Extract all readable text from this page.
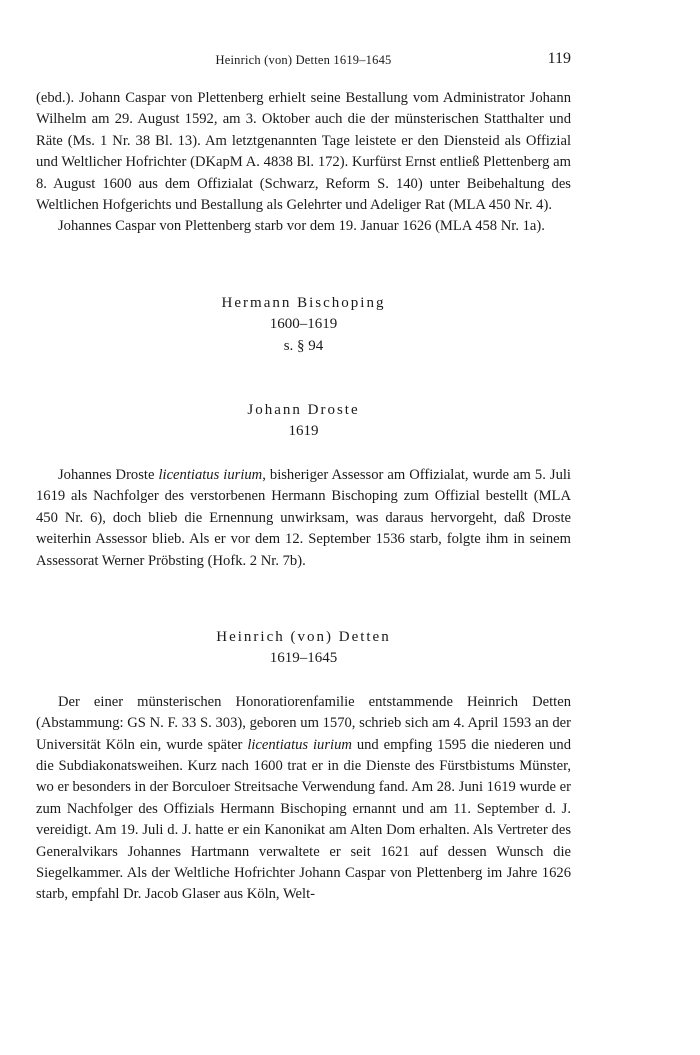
Heinrich (von) Detten 1619–1645	119

(ebd.). Johann Caspar von Plettenberg erhielt seine Bestallung vom Administrator Johann Wilhelm am 29. August 1592, am 3. Oktober auch die der münsterischen Statthalter und Räte (Ms. 1 Nr. 38 Bl. 13). Am letztgenannten Tage leistete er den Diensteid als Offizial und Weltlicher Hofrichter (DKapM A. 4838 Bl. 172). Kurfürst Ernst entließ Plettenberg am 8. August 1600 aus dem Offizialat (Schwarz, Reform S. 140) unter Beibehaltung des Weltlichen Hofgerichts und Bestallung als Gelehrter und Adeliger Rat (MLA 450 Nr. 4).

Johannes Caspar von Plettenberg starb vor dem 19. Januar 1626 (MLA 458 Nr. 1a).

Hermann Bischoping
1600–1619
s. § 94
Johann Droste
1619

Johannes Droste licentiatus iurium, bisheriger Assessor am Offizialat, wurde am 5. Juli 1619 als Nachfolger des verstorbenen Hermann Bischoping zum Offizial bestellt (MLA 450 Nr. 6), doch blieb die Ernennung unwirksam, was daraus hervorgeht, daß Droste weiterhin Assessor blieb. Als er vor dem 12. September 1536 starb, folgte ihm in seinem Assessorat Werner Pröbsting (Hofk. 2 Nr. 7b).

Heinrich (von) Detten
1619–1645

Der einer münsterischen Honoratiorenfamilie entstammende Heinrich Detten (Abstammung: GS N. F. 33 S. 303), geboren um 1570, schrieb sich am 4. April 1593 an der Universität Köln ein, wurde später licentiatus iurium und empfing 1595 die niederen und die Subdiakonatsweihen. Kurz nach 1600 trat er in die Dienste des Fürstbistums Münster, wo er besonders in der Borculoer Streitsache Verwendung fand. Am 28. Juni 1619 wurde er zum Nachfolger des Offizials Hermann Bischoping ernannt und am 11. September d. J. vereidigt. Am 19. Juli d. J. hatte er ein Kanonikat am Alten Dom erhalten. Als Vertreter des Generalvikars Johannes Hartmann verwaltete er seit 1621 auf dessen Wunsch die Siegelkammer. Als der Weltliche Hofrichter Johann Caspar von Plettenberg im Jahre 1626 starb, empfahl Dr. Jacob Glaser aus Köln, Welt-
